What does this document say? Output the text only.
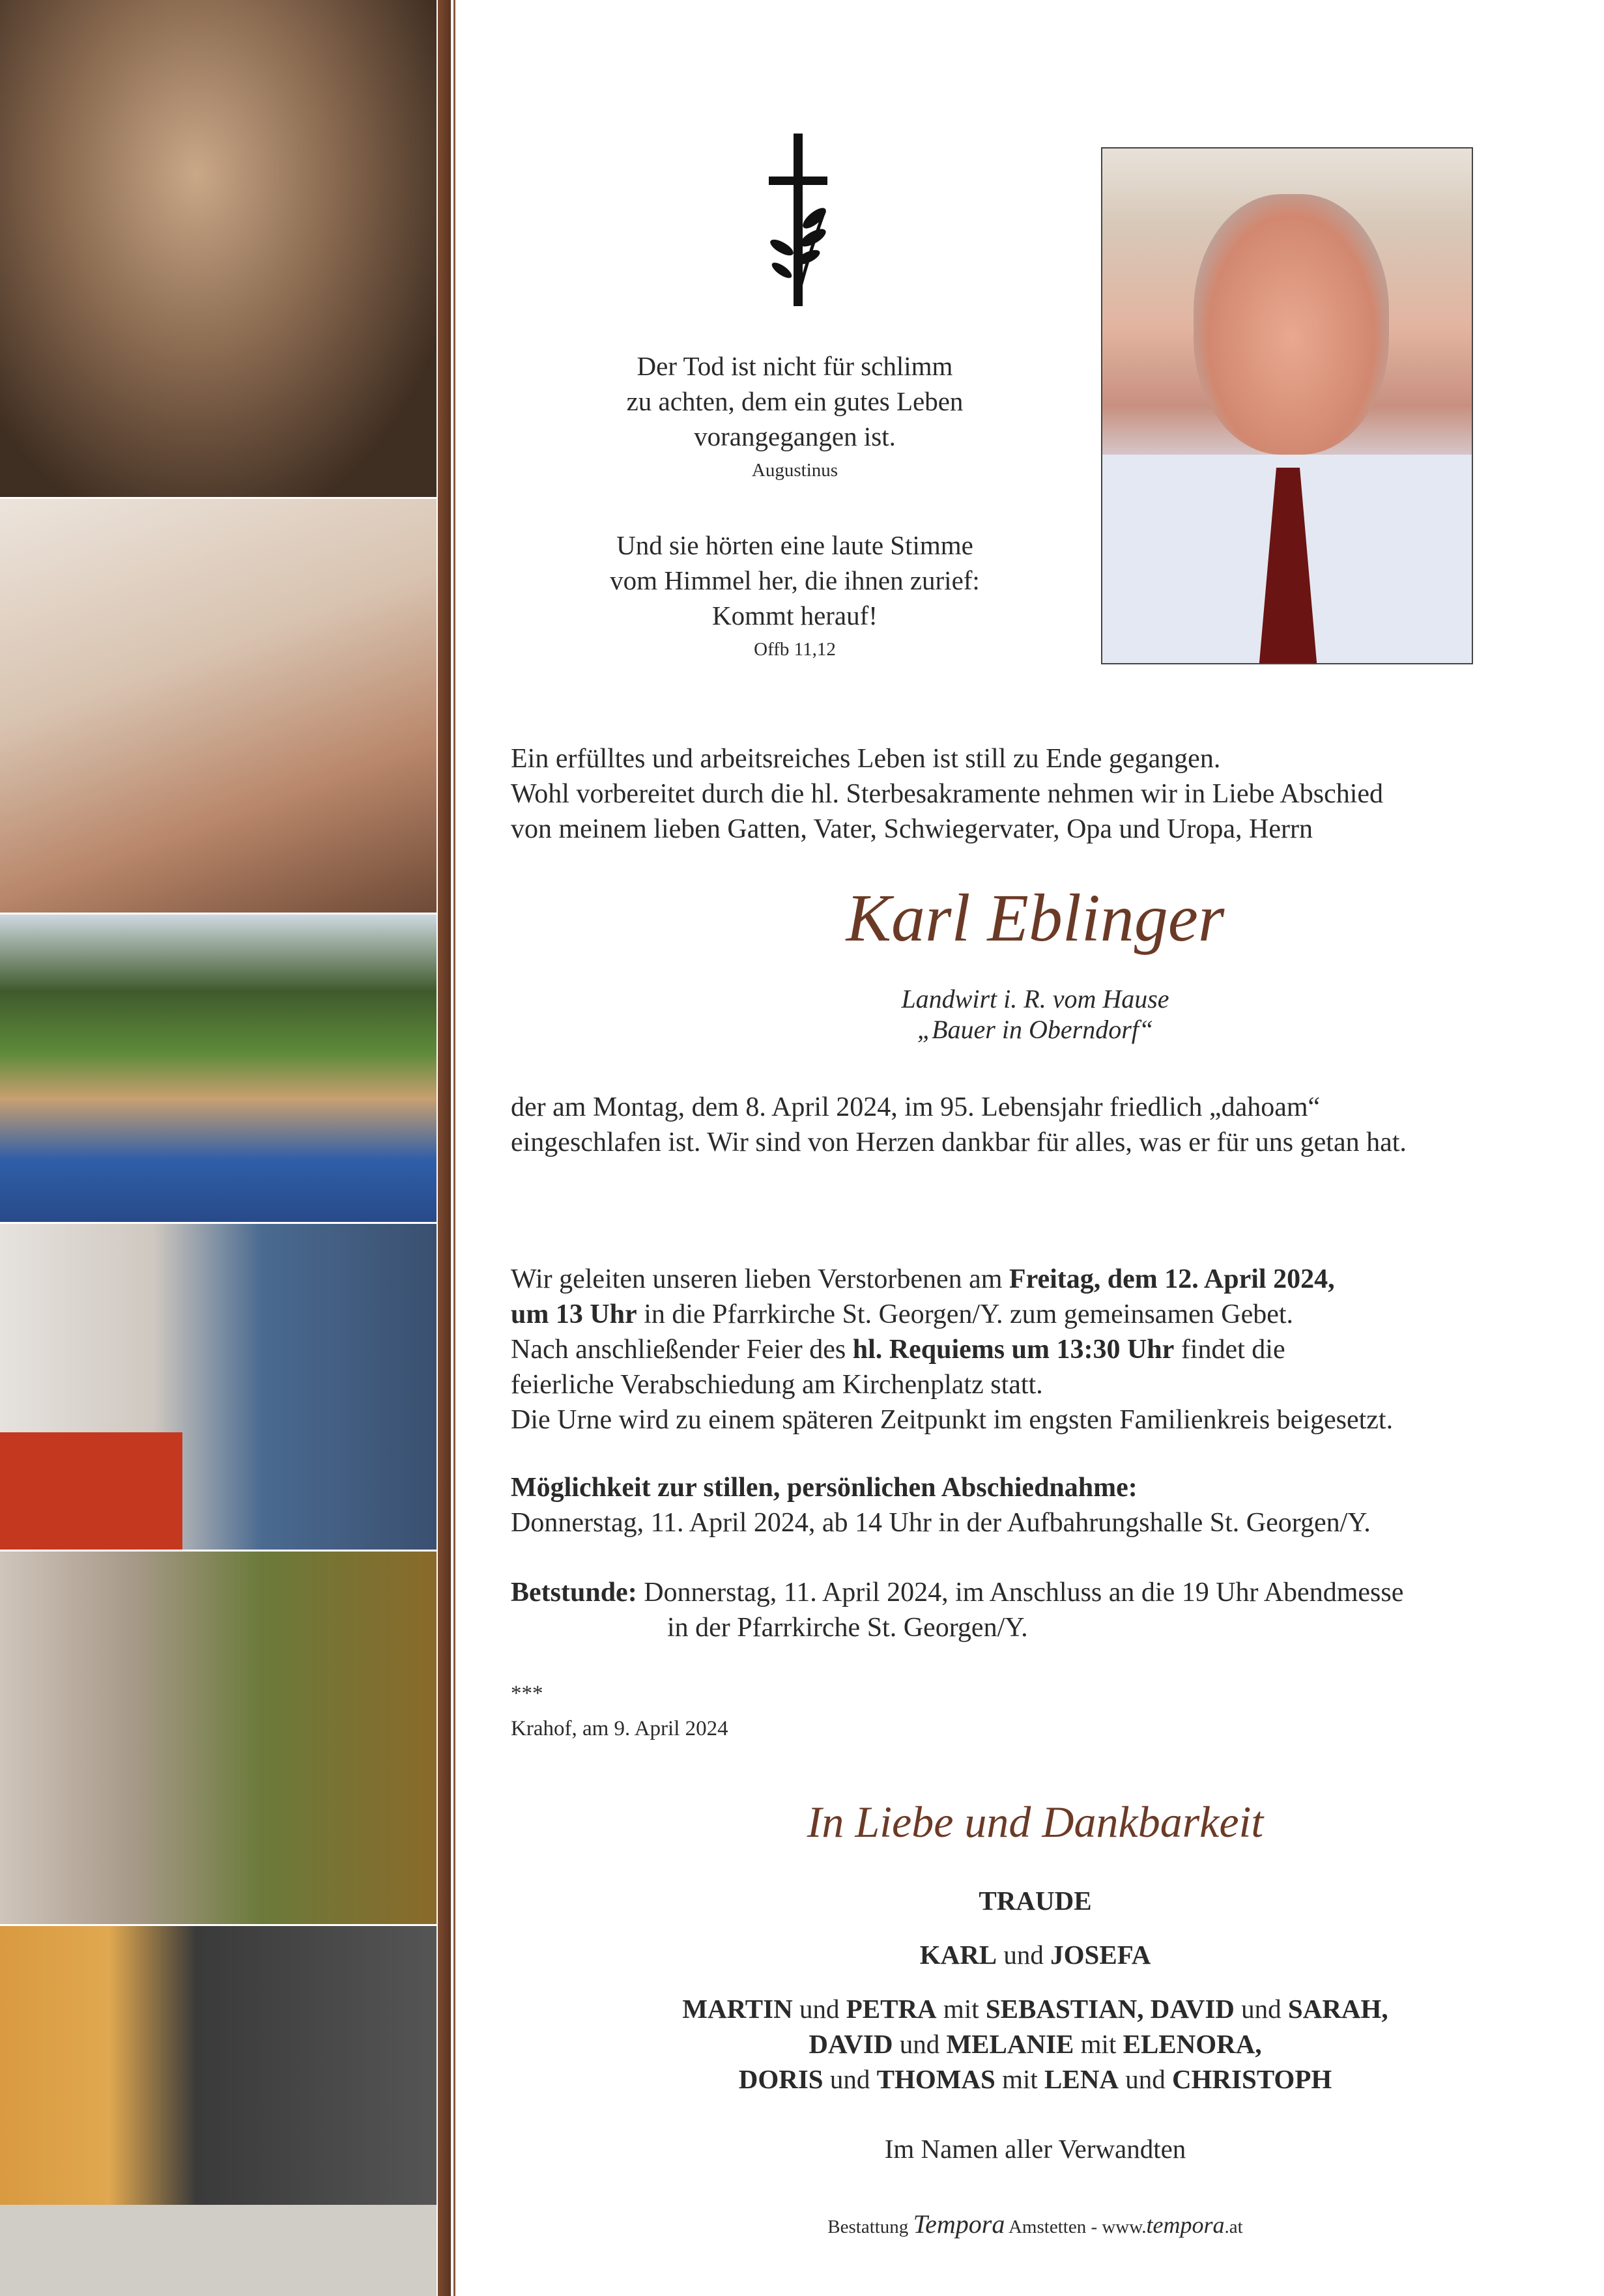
Der Tod ist nicht für schlimm
zu achten, dem ein gutes Leben
vorangegangen ist.
Augustinus
Und sie hörten eine laute Stimme
vom Himmel her, die ihnen zurief:
Kommt herauf!
Offb 11,12
Ein erfülltes und arbeitsreiches Leben ist still zu Ende gegangen.
Wohl vorbereitet durch die hl. Sterbesakramente nehmen wir in Liebe Abschied
von meinem lieben Gatten, Vater, Schwiegervater, Opa und Uropa, Herrn
Karl Eblinger
Landwirt i. R. vom Hause
„Bauer in Oberndorf“
der am Montag, dem 8. April 2024, im 95. Lebensjahr friedlich „dahoam“
eingeschlafen ist. Wir sind von Herzen dankbar für alles, was er für uns getan hat.
Wir geleiten unseren lieben Verstorbenen am Freitag, dem 12. April 2024,
um 13 Uhr in die Pfarrkirche St. Georgen/Y. zum gemeinsamen Gebet.
Nach anschließender Feier des hl. Requiems um 13:30 Uhr findet die
feierliche Verabschiedung am Kirchenplatz statt.
Die Urne wird zu einem späteren Zeitpunkt im engsten Familienkreis beigesetzt.
Möglichkeit zur stillen, persönlichen Abschiednahme:
Donnerstag, 11. April 2024, ab 14 Uhr in der Aufbahrungshalle St. Georgen/Y.
Betstunde: Donnerstag, 11. April 2024, im Anschluss an die 19 Uhr Abendmesse
in der Pfarrkirche St. Georgen/Y.
***
Krahof, am 9. April 2024
In Liebe und Dankbarkeit
TRAUDE
KARL und JOSEFA
MARTIN und PETRA mit SEBASTIAN, DAVID und SARAH,
DAVID und MELANIE mit ELENORA,
DORIS und THOMAS mit LENA und CHRISTOPH
Im Namen aller Verwandten
Bestattung Tempora Amstetten - www.tempora.at
